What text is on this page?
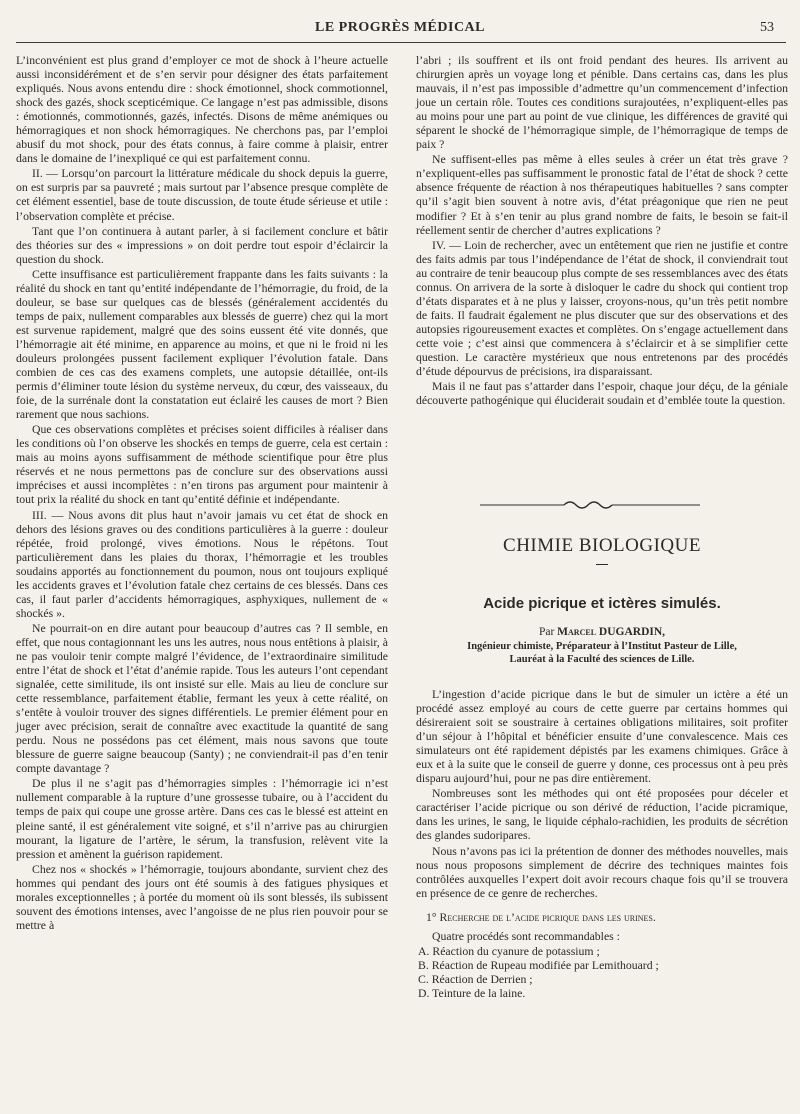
LE PROGRÈS MÉDICAL	53

L’inconvénient est plus grand d’employer ce mot de shock à l’heure actuelle aussi inconsidérément et de s’en servir pour désigner des états parfaitement expliqués. Nous avons entendu dire : shock émotionnel, shock commotionnel, shock des gazés, shock scepticémique. Ce langage n’est pas admissible, disons : émotionnés, commotionnés, gazés, infectés. Disons de même anémiques ou hémorragiques et non shock hémorragiques. Ne cherchons pas, par l’emploi abusif du mot shock, pour des états connus, à faire comme à plaisir, entrer dans le domaine de l’inexpliqué ce qui est parfaitement connu.

II. — Lorsqu’on parcourt la littérature médicale du shock depuis la guerre, on est surpris par sa pauvreté ; mais surtout par l’absence presque complète de cet élément essentiel, base de toute discussion, de toute étude sérieuse et utile : l’observation complète et précise.

Tant que l’on continuera à autant parler, à si facilement conclure et bâtir des théories sur des « impressions » on doit perdre tout espoir d’éclaircir la question du shock.

Cette insuffisance est particulièrement frappante dans les faits suivants : la réalité du shock en tant qu’entité indépendante de l’hémorragie, du froid, de la douleur, se base sur quelques cas de blessés (généralement accidentés du temps de paix, nullement comparables aux blessés de guerre) chez qui la mort est survenue rapidement, malgré que des soins eussent été vite donnés, que l’hémorragie ait été minime, en apparence au moins, et que ni le froid ni les douleurs prolongées pussent facilement expliquer l’évolution fatale. Dans combien de ces cas des examens complets, une autopsie détaillée, ont-ils permis d’éliminer toute lésion du système nerveux, du cœur, des vaisseaux, du foie, de la surrénale dont la constatation eut éclairé les causes de mort ? Bien rarement que nous sachions.

Que ces observations complètes et précises soient difficiles à réaliser dans les conditions où l’on observe les shockés en temps de guerre, cela est certain : mais au moins ayons suffisamment de méthode scientifique pour être plus réservés et ne nous permettons pas de conclure sur des observations aussi imprécises et aussi incomplètes : n’en tirons pas argument pour maintenir à tout prix la réalité du shock en tant qu’entité définie et indépendante.

III. — Nous avons dit plus haut n’avoir jamais vu cet état de shock en dehors des lésions graves ou des conditions particulières à la guerre : douleur répétée, froid prolongé, vives émotions. Nous le répétons. Tout particulièrement dans les plaies du thorax, l’hémorragie et les troubles soudains apportés au fonctionnement du poumon, nous ont toujours expliqué les accidents graves et l’évolution fatale chez certains de ces blessés. Dans ces cas, il faut parler d’accidents hémorragiques, asphyxiques, nullement de « shockés ».

Ne pourrait-on en dire autant pour beaucoup d’autres cas ? Il semble, en effet, que nous contagionnant les uns les autres, nous nous entêtions à plaisir, à ne pas vouloir tenir compte malgré l’évidence, de l’extraordinaire similitude entre l’état de shock et l’état d’anémie rapide. Tous les auteurs l’ont cependant signalée, cette similitude, ils ont insisté sur elle. Mais au lieu de conclure sur cette ressemblance, parfaitement établie, fermant les yeux à cette réalité, on s’entête à vouloir trouver des signes différentiels. Le premier élément pour en juger avec précision, serait de connaître avec exactitude la quantité de sang perdu. Nous ne possédons pas cet élément, mais nous savons que toute blessure de guerre saigne beaucoup (Santy) ; ne conviendrait-il pas d’en tenir compte davantage ?

De plus il ne s’agit pas d’hémorragies simples : l’hémorragie ici n’est nullement comparable à la rupture d’une grossesse tubaire, ou à l’accident du temps de paix qui coupe une grosse artère. Dans ces cas le blessé est atteint en pleine santé, il est généralement vite soigné, et s’il n’arrive pas au chirurgien mourant, la ligature de l’artère, le sérum, la transfusion, relèvent vite la pression et amènent la guérison rapidement.

Chez nos « shockés » l’hémorragie, toujours abondante, survient chez des hommes qui pendant des jours ont été soumis à des fatigues physiques et morales exceptionnelles ; à portée du moment où ils sont blessés, ils subissent souvent des émotions intenses, avec l’angoisse de ne plus rien pouvoir pour se mettre à

l’abri ; ils souffrent et ils ont froid pendant des heures. Ils arrivent au chirurgien après un voyage long et pénible. Dans certains cas, dans les plus mauvais, il n’est pas impossible d’admettre qu’un commencement d’infection joue un certain rôle. Toutes ces conditions surajoutées, n’expliquent-elles pas au moins pour une part au point de vue clinique, les différences de gravité qui séparent le shocké de l’hémorragique simple, de l’hémorragique de temps de paix ?

Ne suffisent-elles pas même à elles seules à créer un état très grave ? n’expliquent-elles pas suffisamment le pronostic fatal de l’état de shock ? cette absence fréquente de réaction à nos thérapeutiques habituelles ? sans compter qu’il s’agit bien souvent à notre avis, d’état préagonique que rien ne peut modifier ? Et à s’en tenir au plus grand nombre de faits, le besoin se fait-il réellement sentir de chercher d’autres explications ?

IV. — Loin de rechercher, avec un entêtement que rien ne justifie et contre des faits admis par tous l’indépendance de l’état de shock, il conviendrait tout au contraire de tenir beaucoup plus compte de ses ressemblances avec des états connus. On arrivera de la sorte à disloquer le cadre du shock qui contient trop d’états disparates et à ne plus y laisser, croyons-nous, qu’un très petit nombre de faits. Il faudrait également ne plus discuter que sur des observations et des autopsies rigoureusement exactes et complètes. On s’engage actuellement dans cette voie ; c’est ainsi que commencera à s’éclaircir et à se simplifier cette question. Le caractère mystérieux que nous entretenons par des procédés d’étude dépourvus de précisions, ira disparaissant.

Mais il ne faut pas s’attarder dans l’espoir, chaque jour déçu, de la géniale découverte pathogénique qui éluciderait soudain et d’emblée toute la question.

CHIMIE BIOLOGIQUE
Acide picrique et ictères simulés.
Par Marcel DUGARDIN,
Ingénieur chimiste, Préparateur à l’Institut Pasteur de Lille,
Lauréat à la Faculté des sciences de Lille.

L’ingestion d’acide picrique dans le but de simuler un ictère a été un procédé assez employé au cours de cette guerre par certains hommes qui désireraient soit se soustraire à certaines obligations militaires, soit profiter d’un séjour à l’hôpital et bénéficier ensuite d’une convalescence. Mais ces simulateurs ont été rapidement dépistés par les examens chimiques. Grâce à eux et à la suite que le conseil de guerre y donne, ces processus ont à peu près disparu aujourd’hui, pour ne pas dire entièrement.

Nombreuses sont les méthodes qui ont été proposées pour déceler et caractériser l’acide picrique ou son dérivé de réduction, l’acide picramique, dans les urines, le sang, le liquide céphalo-rachidien, les produits de sécrétion des glandes sudoripares.

Nous n’avons pas ici la prétention de donner des méthodes nouvelles, mais nous nous proposons simplement de décrire des techniques maintes fois contrôlées auxquelles l’expert doit avoir recours chaque fois qu’il se trouvera en présence de ce genre de recherches.

1° Recherche de l’acide picrique dans les urines.

Quatre procédés sont recommandables :

A. Réaction du cyanure de potassium ;

B. Réaction de Rupeau modifiée par Lemithouard ;

C. Réaction de Derrien ;

D. Teinture de la laine.
